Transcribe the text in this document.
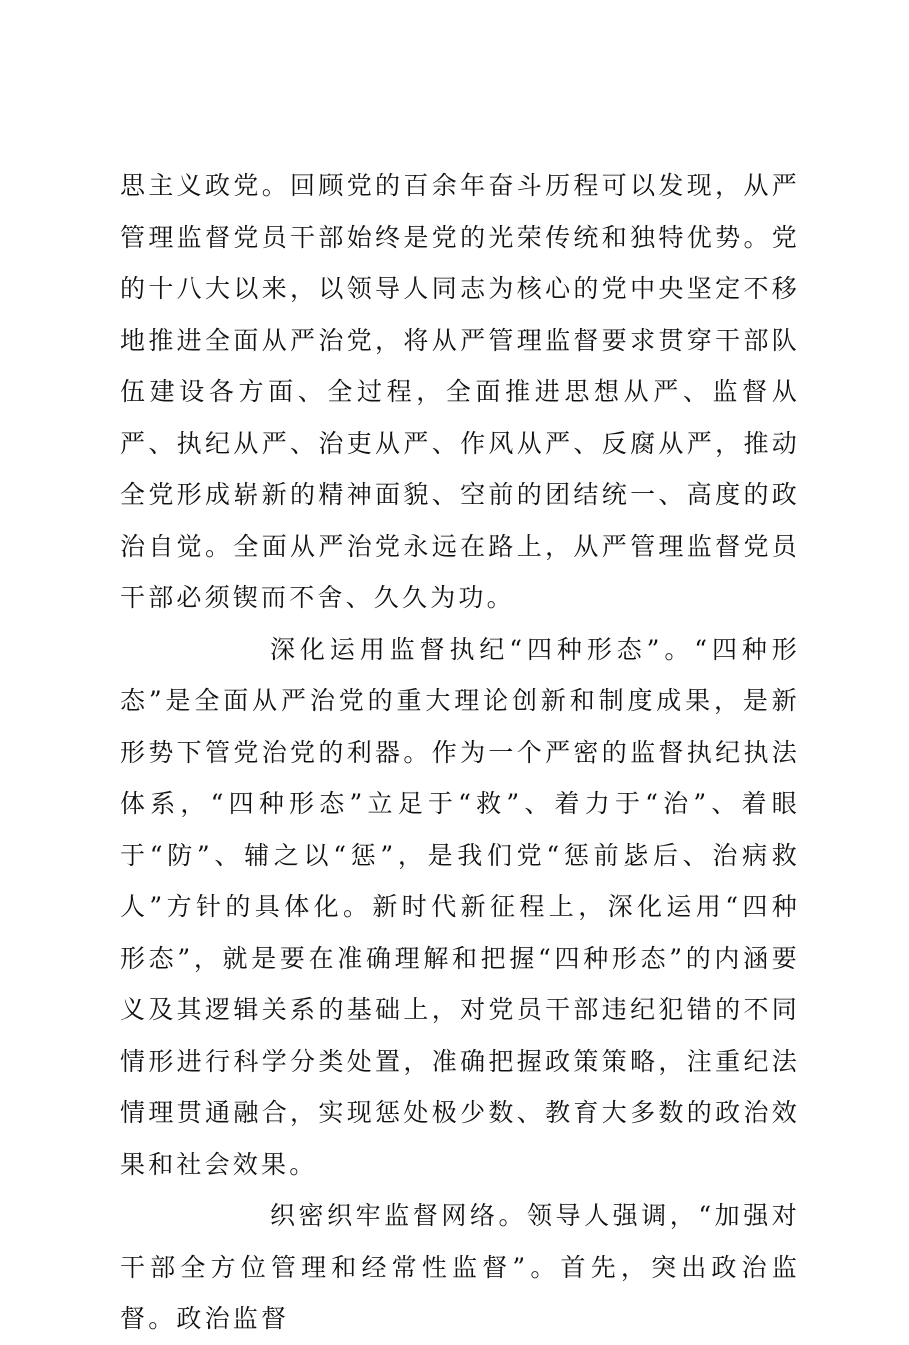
思主义政党。回顾党的百余年奋斗历程可以发现，从严管理监督党员干部始终是党的光荣传统和独特优势。党的十八大以来，以领导人同志为核心的党中央坚定不移地推进全面从严治党，将从严管理监督要求贯穿干部队伍建设各方面、全过程，全面推进思想从严、监督从严、执纪从严、治吏从严、作风从严、反腐从严，推动全党形成崭新的精神面貌、空前的团结统一、高度的政治自觉。全面从严治党永远在路上，从严管理监督党员干部必须锲而不舍、久久为功。

深化运用监督执纪“四种形态”。“四种形态”是全面从严治党的重大理论创新和制度成果，是新形势下管党治党的利器。作为一个严密的监督执纪执法体系，“四种形态”立足于“救”、着力于“治”、着眼于“防”、辅之以“惩”，是我们党“惩前毖后、治病救人”方针的具体化。新时代新征程上，深化运用“四种形态”，就是要在准确理解和把握“四种形态”的内涵要义及其逻辑关系的基础上，对党员干部违纪犯错的不同情形进行科学分类处置，准确把握政策策略，注重纪法情理贯通融合，实现惩处极少数、教育大多数的政治效果和社会效果。

织密织牢监督网络。领导人强调，“加强对干部全方位管理和经常性监督”。首先，突出政治监督。政治监督
